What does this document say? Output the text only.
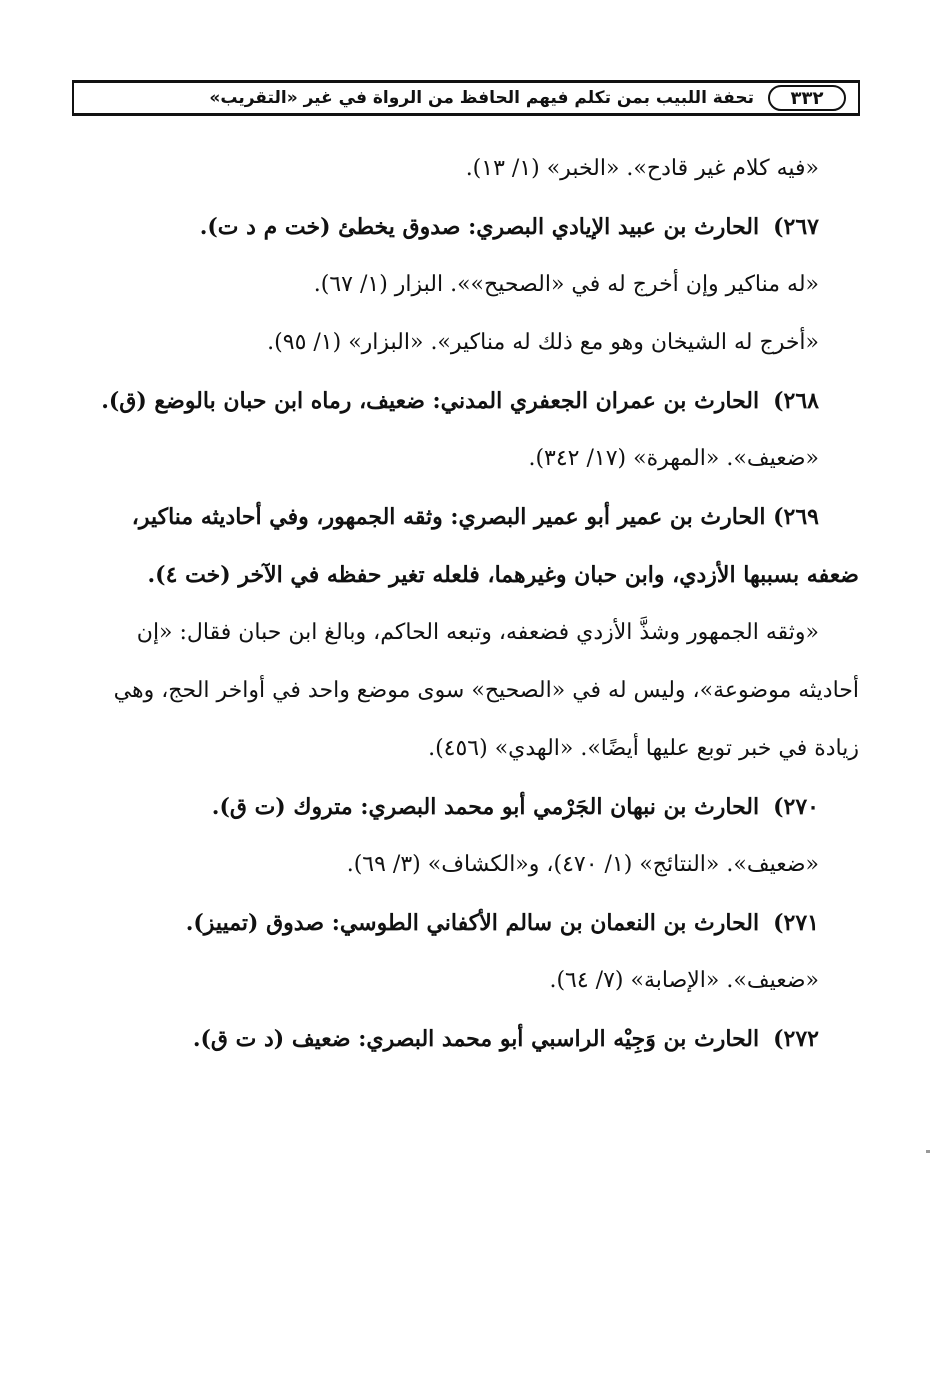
٣٣٢
تحفة اللبيب بمن تكلم فيهم الحافظ من الرواة في غير «التقريب»
«فيه كلام غير قادح». «الخبر» (١/ ١٣).
٢٦٧)الحارث بن عبيد الإيادي البصري: صدوق يخطئ (خت م د ت).
«له مناكير وإن أخرج له في «الصحيح»». البزار (١/ ٦٧).
«أخرج له الشيخان وهو مع ذلك له مناكير». «البزار» (١/ ٩٥).
٢٦٨)الحارث بن عمران الجعفري المدني: ضعيف، رماه ابن حبان بالوضع (ق).
«ضعيف». «المهرة» (١٧/ ٣٤٢).
٢٦٩) الحارث بن عمير أبو عمير البصري: وثقه الجمهور، وفي أحاديثه مناكير،
ضعفه بسببها الأزدي، وابن حبان وغيرهما، فلعله تغير حفظه في الآخر (خت ٤).
«وثقه الجمهور وشذَّ الأزدي فضعفه، وتبعه الحاكم، وبالغ ابن حبان فقال: «إن
أحاديثه موضوعة»، وليس له في «الصحيح» سوى موضع واحد في أواخر الحج، وهي
زيادة في خبر توبع عليها أيضًا». «الهدي» (٤٥٦).
٢٧٠)الحارث بن نبهان الجَرْمي أبو محمد البصري: متروك (ت ق).
«ضعيف». «النتائج» (١/ ٤٧٠)، و«الكشاف» (٣/ ٦٩).
٢٧١)الحارث بن النعمان بن سالم الأكفاني الطوسي: صدوق (تمييز).
«ضعيف». «الإصابة» (٧/ ٦٤).
٢٧٢)الحارث بن وَجِيْه الراسبي أبو محمد البصري: ضعيف (د ت ق).
